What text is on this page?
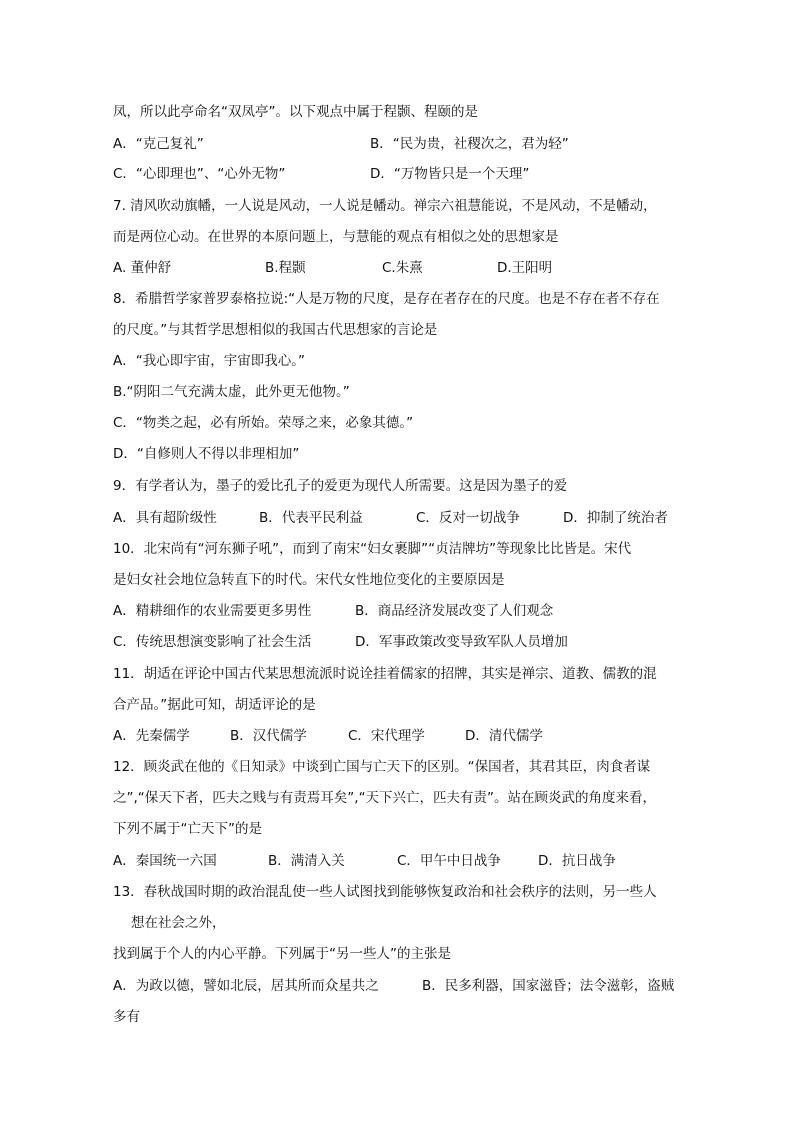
凤，所以此亭命名“双凤亭”。以下观点中属于程颢、程颐的是
A．“克己复礼”	B．“民为贵，社稷次之，君为轻”
C．“心即理也”、“心外无物”	D．“万物皆只是一个天理”
7. 清风吹动旗幡，一人说是风动，一人说是幡动。禅宗六祖慧能说，不是风动，不是幡动，
而是两位心动。在世界的本原问题上，与慧能的观点有相似之处的思想家是
A. 董仲舒	B.程颢	C.朱熹	D.王阳明
8．希腊哲学家普罗泰格拉说:“人是万物的尺度，是存在者存在的尺度。也是不存在者不存在
的尺度。”与其哲学思想相似的我国古代思想家的言论是
A．“我心即宇宙，宇宙即我心。”
B.“阴阳二气充满太虚，此外更无他物。”
C．“物类之起，必有所始。荣辱之来，必象其德。”
D．“自修则人不得以非理相加”
9．有学者认为，墨子的爱比孔子的爱更为现代人所需要。这是因为墨子的爱
A．具有超阶级性	B．代表平民利益	C．反对一切战争	D．抑制了统治者
10．北宋尚有“河东狮子吼”，而到了南宋“妇女裹脚”“贞洁牌坊”等现象比比皆是。宋代
是妇女社会地位急转直下的时代。宋代女性地位变化的主要原因是
A．精耕细作的农业需要更多男性	B．商品经济发展改变了人们观念
C．传统思想演变影响了社会生活	D．军事政策改变导致军队人员增加
11．胡适在评论中国古代某思想流派时说诠挂着儒家的招牌，其实是禅宗、道教、儒教的混
合产品。”据此可知，胡适评论的是
A．先秦儒学	B．汉代儒学	C．宋代理学	D．清代儒学
12．顾炎武在他的《日知录》中谈到亡国与亡天下的区别。“保国者，其君其臣，肉食者谋
之”,“保天下者，匹夫之贱与有责焉耳矣”,“天下兴亡，匹夫有责”。站在顾炎武的角度来看，
下列不属于“亡天下”的是
A．秦国统一六国	B．满清入关	C．甲午中日战争	D．抗日战争
13．春秋战国时期的政治混乱使一些人试图找到能够恢复政治和社会秩序的法则，另一些人
想在社会之外，
找到属于个人的内心平静。下列属于“另一些人”的主张是
A．为政以德，譬如北辰，居其所而众星共之	B．民多利器，国家滋昏；法令滋彰，盗贼
多有
